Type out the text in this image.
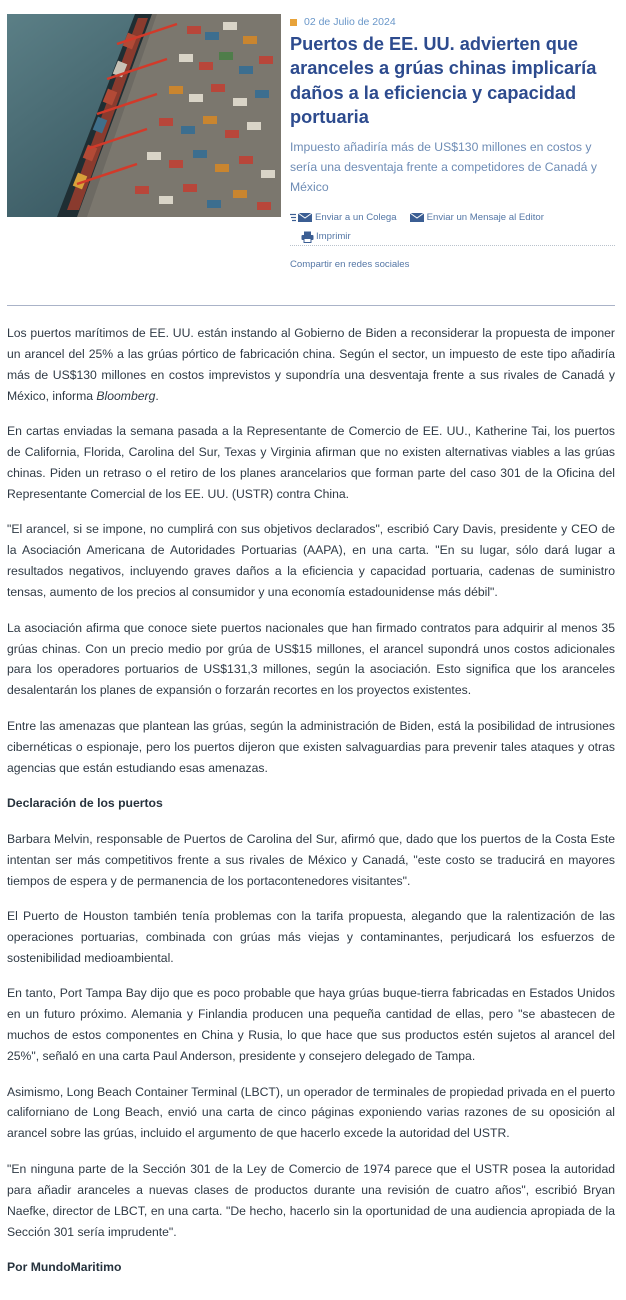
02 de Julio de 2024
Puertos de EE. UU. advierten que aranceles a grúas chinas implicaría daños a la eficiencia y capacidad portuaria

Impuesto añadiría más de US$130 millones en costos y sería una desventaja frente a competidores de Canadá y México

Enviar a un Colega	Enviar un Mensaje al Editor
Imprimir
Compartir en redes sociales

Los puertos marítimos de EE. UU. están instando al Gobierno de Biden a reconsiderar la propuesta de imponer un arancel del 25% a las grúas pórtico de fabricación china. Según el sector, un impuesto de este tipo añadiría más de US$130 millones en costos imprevistos y supondría una desventaja frente a sus rivales de Canadá y México, informa Bloomberg.

En cartas enviadas la semana pasada a la Representante de Comercio de EE. UU., Katherine Tai, los puertos de California, Florida, Carolina del Sur, Texas y Virginia afirman que no existen alternativas viables a las grúas chinas. Piden un retraso o el retiro de los planes arancelarios que forman parte del caso 301 de la Oficina del Representante Comercial de los EE. UU. (USTR) contra China.

"El arancel, si se impone, no cumplirá con sus objetivos declarados", escribió Cary Davis, presidente y CEO de la Asociación Americana de Autoridades Portuarias (AAPA), en una carta. "En su lugar, sólo dará lugar a resultados negativos, incluyendo graves daños a la eficiencia y capacidad portuaria, cadenas de suministro tensas, aumento de los precios al consumidor y una economía estadounidense más débil".

La asociación afirma que conoce siete puertos nacionales que han firmado contratos para adquirir al menos 35 grúas chinas. Con un precio medio por grúa de US$15 millones, el arancel supondrá unos costos adicionales para los operadores portuarios de US$131,3 millones, según la asociación. Esto significa que los aranceles desalentarán los planes de expansión o forzarán recortes en los proyectos existentes.

Entre las amenazas que plantean las grúas, según la administración de Biden, está la posibilidad de intrusiones cibernéticas o espionaje, pero los puertos dijeron que existen salvaguardias para prevenir tales ataques y otras agencias que están estudiando esas amenazas.

Declaración de los puertos

Barbara Melvin, responsable de Puertos de Carolina del Sur, afirmó que, dado que los puertos de la Costa Este intentan ser más competitivos frente a sus rivales de México y Canadá, "este costo se traducirá en mayores tiempos de espera y de permanencia de los portacontenedores visitantes".

El Puerto de Houston también tenía problemas con la tarifa propuesta, alegando que la ralentización de las operaciones portuarias, combinada con grúas más viejas y contaminantes, perjudicará los esfuerzos de sostenibilidad medioambiental.

En tanto, Port Tampa Bay dijo que es poco probable que haya grúas buque-tierra fabricadas en Estados Unidos en un futuro próximo. Alemania y Finlandia producen una pequeña cantidad de ellas, pero "se abastecen de muchos de estos componentes en China y Rusia, lo que hace que sus productos estén sujetos al arancel del 25%", señaló en una carta Paul Anderson, presidente y consejero delegado de Tampa.

Asimismo, Long Beach Container Terminal (LBCT), un operador de terminales de propiedad privada en el puerto californiano de Long Beach, envió una carta de cinco páginas exponiendo varias razones de su oposición al arancel sobre las grúas, incluido el argumento de que hacerlo excede la autoridad del USTR.

"En ninguna parte de la Sección 301 de la Ley de Comercio de 1974 parece que el USTR posea la autoridad para añadir aranceles a nuevas clases de productos durante una revisión de cuatro años", escribió Bryan Naefke, director de LBCT, en una carta. "De hecho, hacerlo sin la oportunidad de una audiencia apropiada de la Sección 301 sería imprudente".

Por MundoMaritimo
